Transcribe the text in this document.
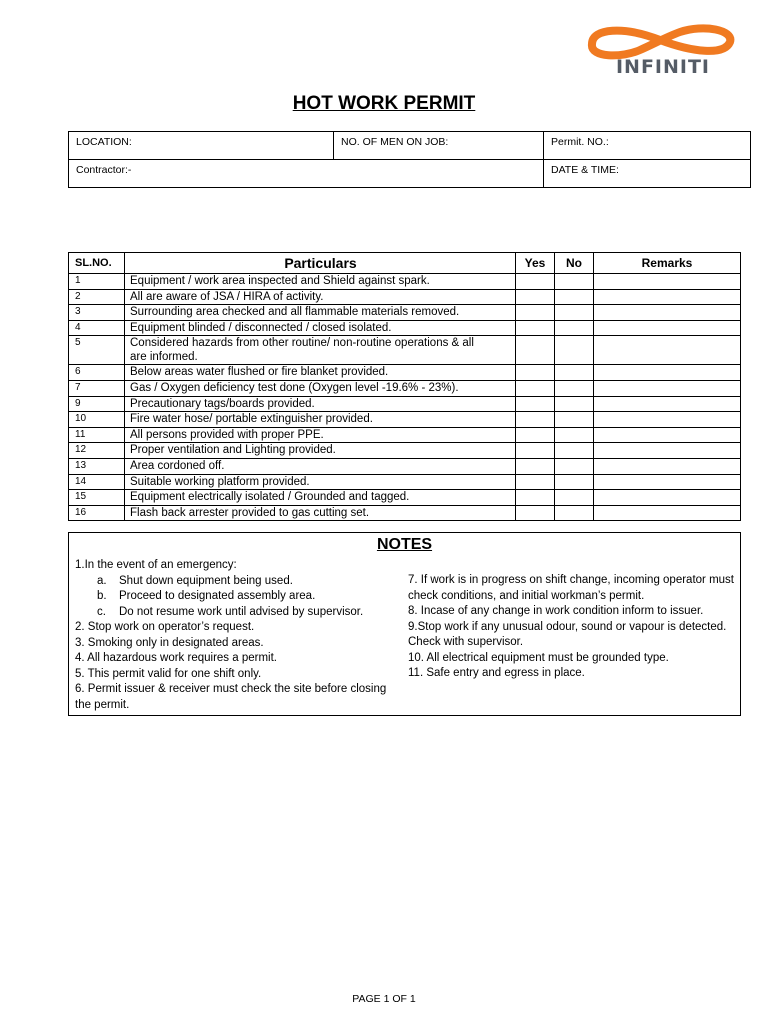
INFINITI
HOT WORK PERMIT
LOCATION:	NO. OF MEN ON JOB:	Permit. NO.:
Contractor:-		DATE & TIME:
SL.NO.	Particulars	Yes	No	Remarks
1	Equipment / work area inspected and Shield against spark.			
2	All are aware of JSA / HIRA of activity.			
3	Surrounding area checked and all flammable materials removed.			
4	Equipment blinded / disconnected / closed isolated.			
5	Considered hazards from other routine/ non-routine operations & all
are informed.			

6	Below areas water flushed or fire blanket provided.			
7	Gas / Oxygen deficiency test done (Oxygen level -19.6% - 23%).			
9	Precautionary tags/boards provided.			
10	Fire water hose/ portable extinguisher provided.			
11	All persons provided with proper PPE.			
12	Proper ventilation and Lighting provided.			
13	Area cordoned off.			
14	Suitable working platform provided.			
15	Equipment electrically isolated / Grounded and tagged.			
16	Flash back arrester provided to gas cutting set.			
NOTES
1.In the event of an emergency:
a.	Shut down equipment being used.
b.	Proceed to designated assembly area.
c.	Do not resume work until advised by supervisor.
2. Stop work on operator’s request.
3. Smoking only in designated areas.
4. All hazardous work requires a permit.
5. This permit valid for one shift only.
6. Permit issuer & receiver must check the site before closing the permit.
7. If work is in progress on shift change, incoming operator must check conditions, and initial workman’s permit.
8. Incase of any change in work condition inform to issuer.
9.Stop work if any unusual odour, sound or vapour is detected. Check with supervisor.
10. All electrical equipment must be grounded type.
11. Safe entry and egress in place.
PAGE 1 OF 1
